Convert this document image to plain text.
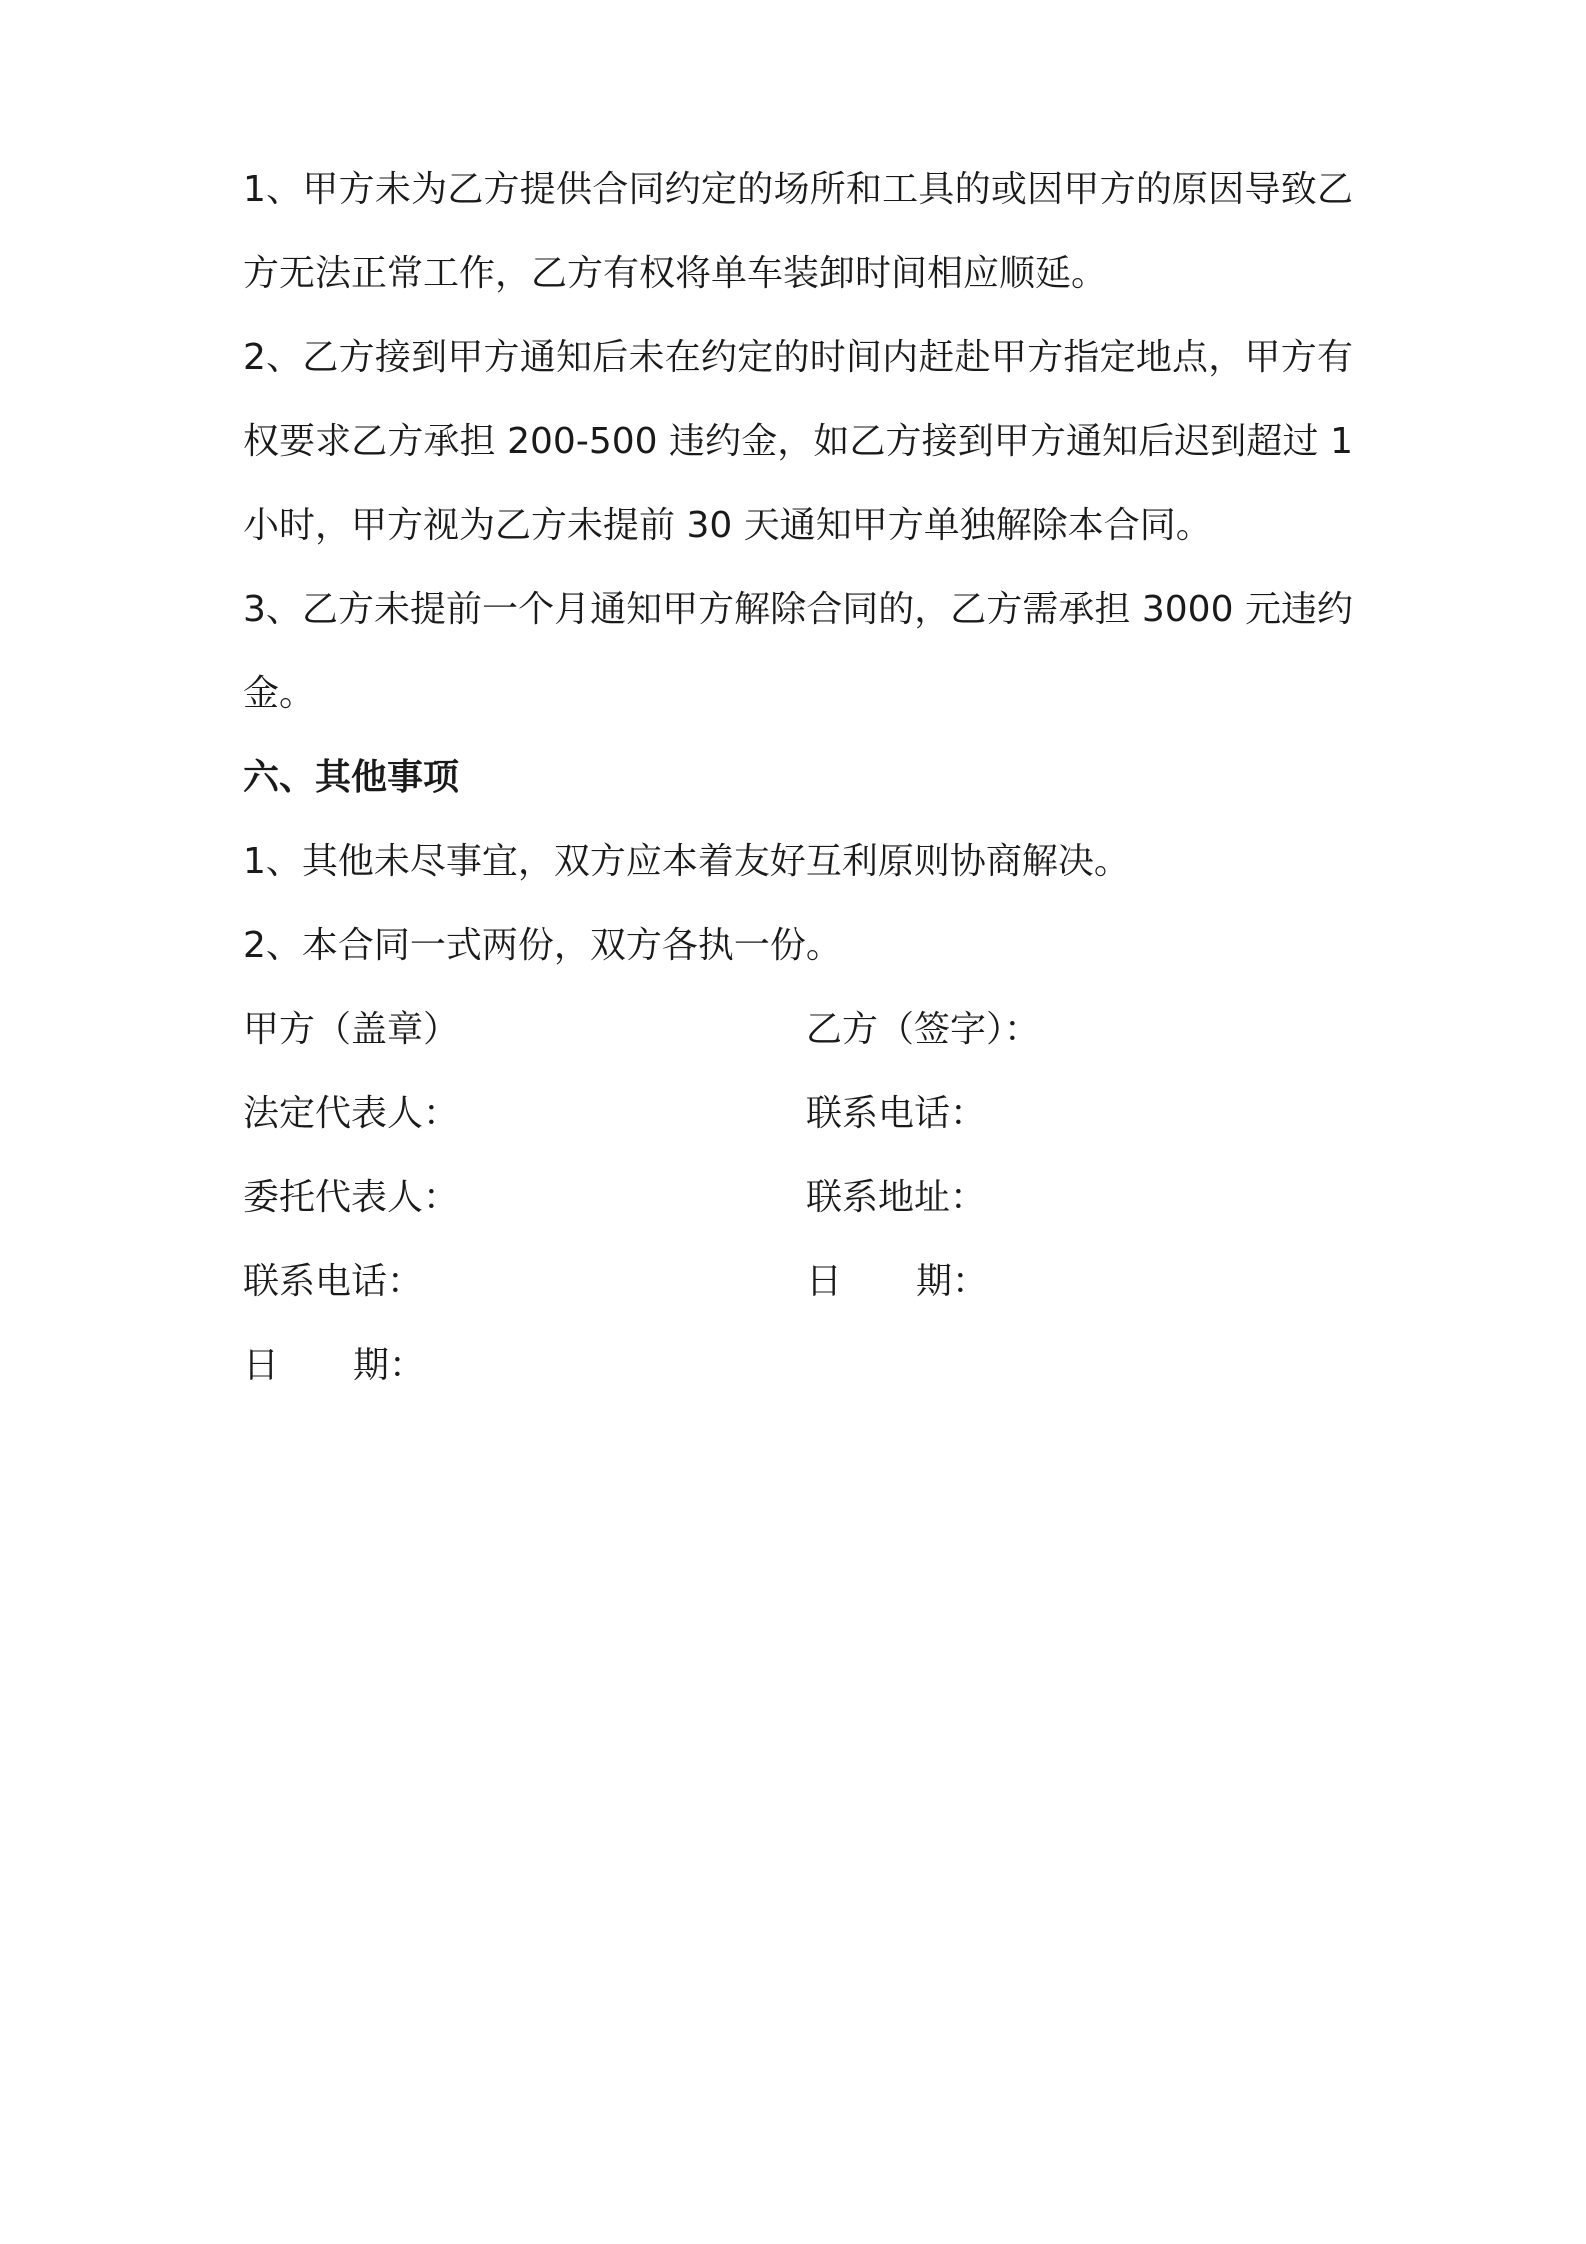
1、甲方未为乙方提供合同约定的场所和工具的或因甲方的原因导致乙方无法正常工作，乙方有权将单车装卸时间相应顺延。

2、乙方接到甲方通知后未在约定的时间内赶赴甲方指定地点，甲方有权要求乙方承担 200-500 违约金，如乙方接到甲方通知后迟到超过 1 小时，甲方视为乙方未提前 30 天通知甲方单独解除本合同。

3、乙方未提前一个月通知甲方解除合同的，乙方需承担 3000 元违约金。

六、其他事项

1、其他未尽事宜，双方应本着友好互利原则协商解决。

2、本合同一式两份，双方各执一份。

甲方（盖章）	乙方（签字）：
法定代表人：	联系电话：
委托代表人：	联系地址：
联系电话：	日 期：
日 期：
